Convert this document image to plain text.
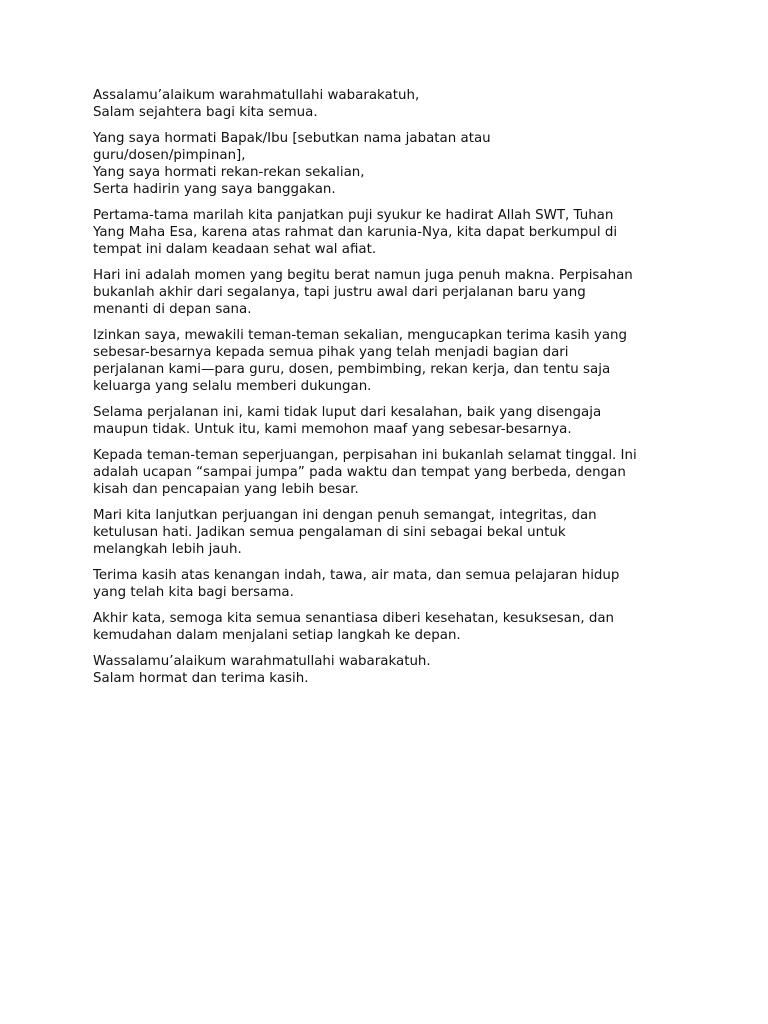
Assalamu’alaikum warahmatullahi wabarakatuh,
Salam sejahtera bagi kita semua.

Yang saya hormati Bapak/Ibu [sebutkan nama jabatan atau
guru/dosen/pimpinan],
Yang saya hormati rekan-rekan sekalian,
Serta hadirin yang saya banggakan.

Pertama-tama marilah kita panjatkan puji syukur ke hadirat Allah SWT, Tuhan
Yang Maha Esa, karena atas rahmat dan karunia-Nya, kita dapat berkumpul di
tempat ini dalam keadaan sehat wal afiat.

Hari ini adalah momen yang begitu berat namun juga penuh makna. Perpisahan
bukanlah akhir dari segalanya, tapi justru awal dari perjalanan baru yang
menanti di depan sana.

Izinkan saya, mewakili teman-teman sekalian, mengucapkan terima kasih yang
sebesar-besarnya kepada semua pihak yang telah menjadi bagian dari
perjalanan kami—para guru, dosen, pembimbing, rekan kerja, dan tentu saja
keluarga yang selalu memberi dukungan.

Selama perjalanan ini, kami tidak luput dari kesalahan, baik yang disengaja
maupun tidak. Untuk itu, kami memohon maaf yang sebesar-besarnya.

Kepada teman-teman seperjuangan, perpisahan ini bukanlah selamat tinggal. Ini
adalah ucapan “sampai jumpa” pada waktu dan tempat yang berbeda, dengan
kisah dan pencapaian yang lebih besar.

Mari kita lanjutkan perjuangan ini dengan penuh semangat, integritas, dan
ketulusan hati. Jadikan semua pengalaman di sini sebagai bekal untuk
melangkah lebih jauh.

Terima kasih atas kenangan indah, tawa, air mata, dan semua pelajaran hidup
yang telah kita bagi bersama.

Akhir kata, semoga kita semua senantiasa diberi kesehatan, kesuksesan, dan
kemudahan dalam menjalani setiap langkah ke depan.

Wassalamu’alaikum warahmatullahi wabarakatuh.
Salam hormat dan terima kasih.
